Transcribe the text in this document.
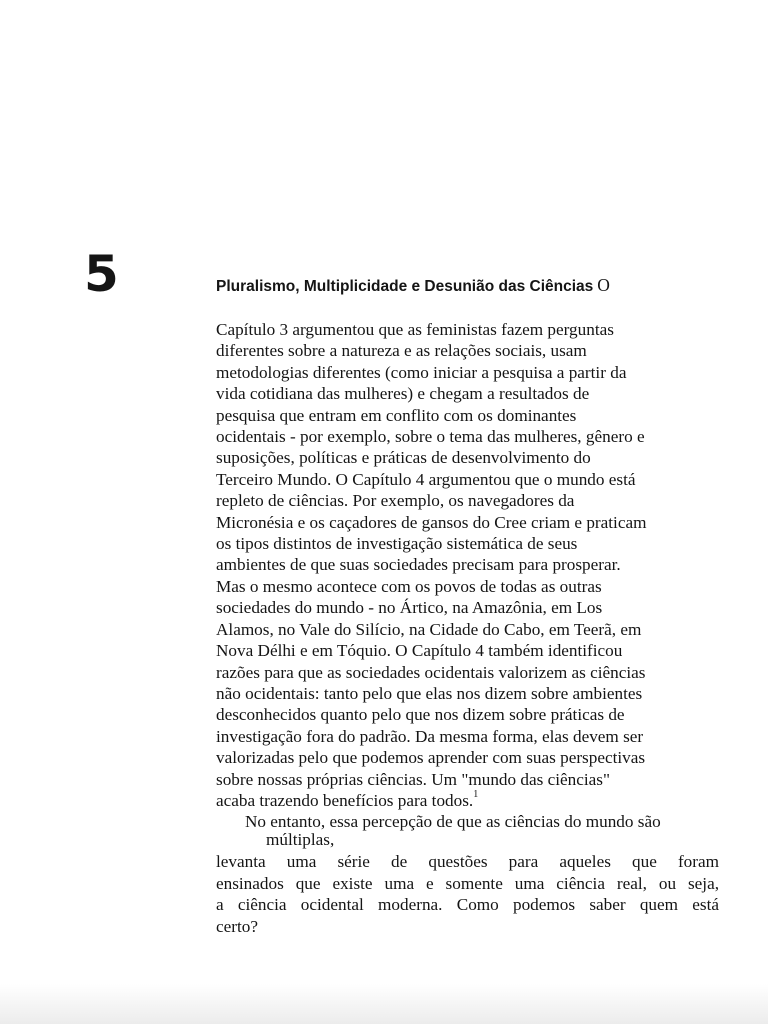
5	Pluralismo, Multiplicidade e Desunião das Ciências O
Capítulo 3 argumentou que as feministas fazem perguntas
diferentes sobre a natureza e as relações sociais, usam
metodologias diferentes (como iniciar a pesquisa a partir da
vida cotidiana das mulheres) e chegam a resultados de
pesquisa que entram em conflito com os dominantes
ocidentais - por exemplo, sobre o tema das mulheres, gênero e
suposições, políticas e práticas de desenvolvimento do
Terceiro Mundo. O Capítulo 4 argumentou que o mundo está
repleto de ciências. Por exemplo, os navegadores da
Micronésia e os caçadores de gansos do Cree criam e praticam
os tipos distintos de investigação sistemática de seus
ambientes de que suas sociedades precisam para prosperar.
Mas o mesmo acontece com os povos de todas as outras
sociedades do mundo - no Ártico, na Amazônia, em Los
Alamos, no Vale do Silício, na Cidade do Cabo, em Teerã, em
Nova Délhi e em Tóquio. O Capítulo 4 também identificou
razões para que as sociedades ocidentais valorizem as ciências
não ocidentais: tanto pelo que elas nos dizem sobre ambientes
desconhecidos quanto pelo que nos dizem sobre práticas de
investigação fora do padrão. Da mesma forma, elas devem ser
valorizadas pelo que podemos aprender com suas perspectivas
sobre nossas próprias ciências. Um "mundo das ciências"
acaba trazendo benefícios para todos.$^1$
No entanto, essa percepção de que as ciências do mundo são
múltiplas,
levanta uma série de questões para aqueles que foram
ensinados que existe uma e somente uma ciência real, ou seja,
a ciência ocidental moderna. Como podemos saber quem está
certo?
